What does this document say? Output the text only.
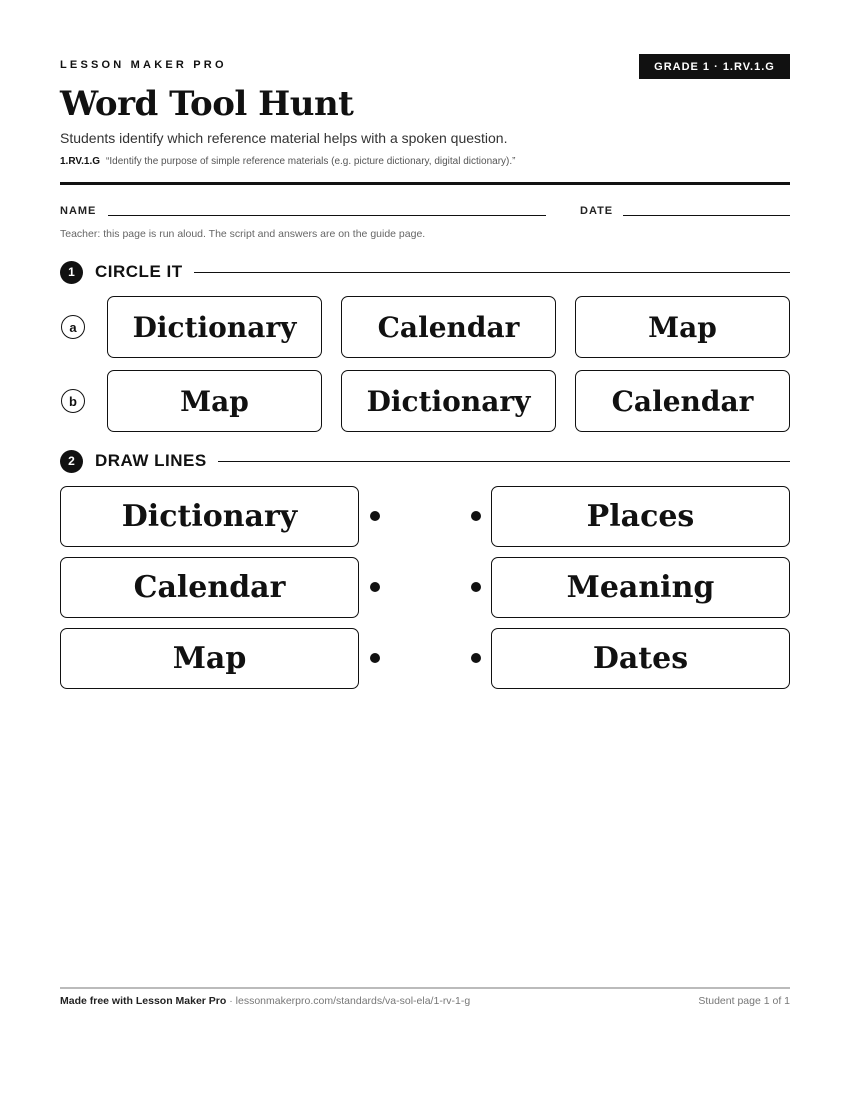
LESSON MAKER PRO	GRADE 1 · 1.RV.1.G
Word Tool Hunt
Students identify which reference material helps with a spoken question.
1.RV.1.G “Identify the purpose of simple reference materials (e.g. picture dictionary, digital dictionary).”
NAME	DATE
Teacher: this page is run aloud. The script and answers are on the guide page.
1	CIRCLE IT
a	Dictionary	Calendar	Map
b	Map	Dictionary	Calendar
2	DRAW LINES
Dictionary	Places
Calendar	Meaning
Map	Dates
Made free with Lesson Maker Pro · lessonmakerpro.com/standards/va-sol-ela/1-rv-1-g	Student page 1 of 1
